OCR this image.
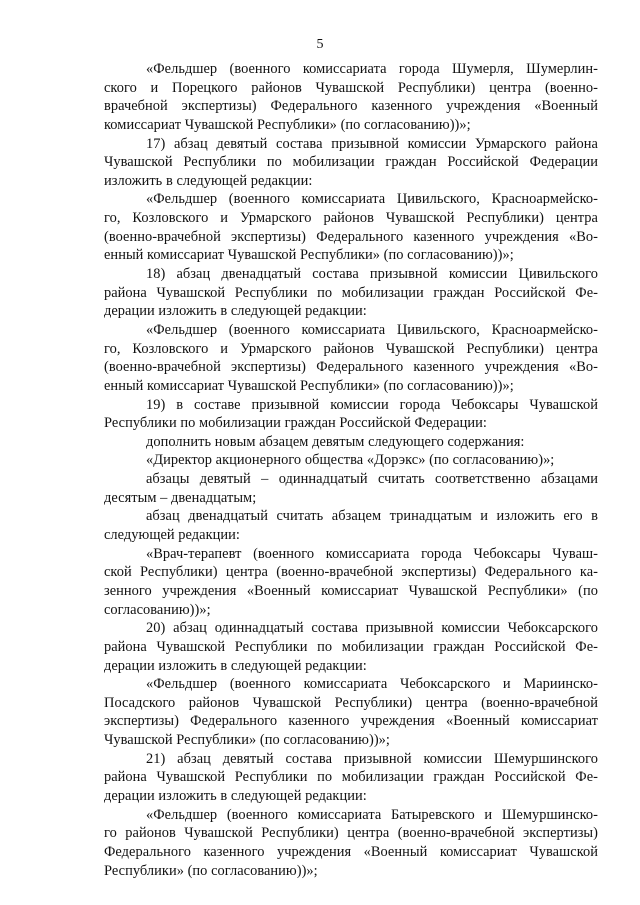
5
«Фельдшер (военного комиссариата города Шумерля, Шумерлин-
ского и Порецкого районов Чувашской Республики) центра (военно-
врачебной экспертизы) Федерального казенного учреждения «Военный
комиссариат Чувашской Республики» (по согласованию))»;
17) абзац девятый состава призывной комиссии Урмарского района
Чувашской Республики по мобилизации граждан Российской Федерации
изложить в следующей редакции:
«Фельдшер (военного комиссариата Цивильского, Красноармейско-
го, Козловского и Урмарского районов Чувашской Республики) центра
(военно-врачебной экспертизы) Федерального казенного учреждения «Во-
енный комиссариат Чувашской Республики» (по согласованию))»;
18) абзац двенадцатый состава призывной комиссии Цивильского
района Чувашской Республики по мобилизации граждан Российской Фе-
дерации изложить в следующей редакции:
«Фельдшер (военного комиссариата Цивильского, Красноармейско-
го, Козловского и Урмарского районов Чувашской Республики) центра
(военно-врачебной экспертизы) Федерального казенного учреждения «Во-
енный комиссариат Чувашской Республики» (по согласованию))»;
19) в составе призывной комиссии города Чебоксары Чувашской
Республики по мобилизации граждан Российской Федерации:
дополнить новым абзацем девятым следующего содержания:
«Директор акционерного общества «Дорэкс» (по согласованию)»;
абзацы девятый – одиннадцатый считать соответственно абзацами
десятым – двенадцатым;
абзац двенадцатый считать абзацем тринадцатым и изложить его в
следующей редакции:
«Врач-терапевт (военного комиссариата города Чебоксары Чуваш-
ской Республики) центра (военно-врачебной экспертизы) Федерального ка-
зенного учреждения «Военный комиссариат Чувашской Республики» (по
согласованию))»;
20) абзац одиннадцатый состава призывной комиссии Чебоксарского
района Чувашской Республики по мобилизации граждан Российской Фе-
дерации изложить в следующей редакции:
«Фельдшер (военного комиссариата Чебоксарского и Мариинско-
Посадского районов Чувашской Республики) центра (военно-врачебной
экспертизы) Федерального казенного учреждения «Военный комиссариат
Чувашской Республики» (по согласованию))»;
21) абзац девятый состава призывной комиссии Шемуршинского
района Чувашской Республики по мобилизации граждан Российской Фе-
дерации изложить в следующей редакции:
«Фельдшер (военного комиссариата Батыревского и Шемуршинско-
го районов Чувашской Республики) центра (военно-врачебной экспертизы)
Федерального казенного учреждения «Военный комиссариат Чувашской
Республики» (по согласованию))»;
